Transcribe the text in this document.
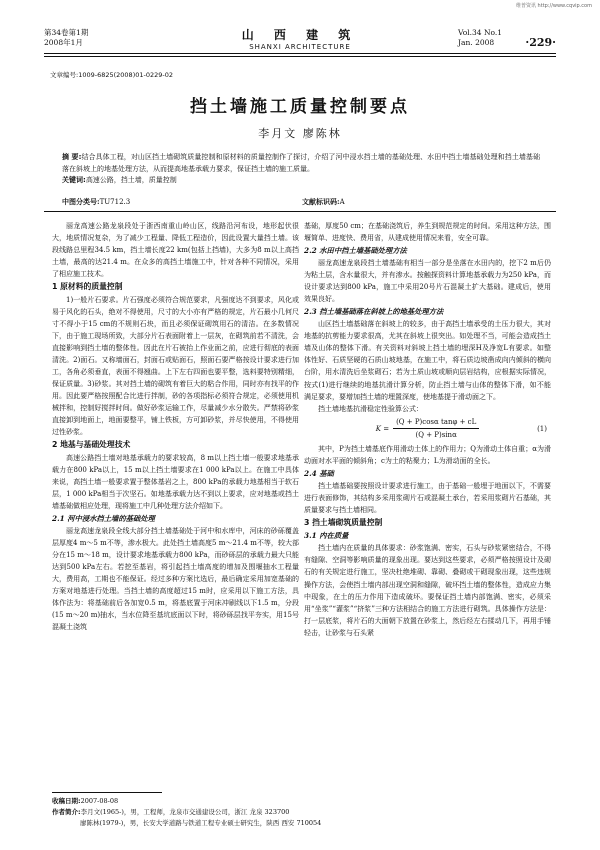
维普资讯 http://www.cqvip.com
第34卷第1期
2008年1月
山 西 建 筑
SHANXI ARCHITECTURE
Vol.34 No.1
Jan. 2008	·229·
文章编号:1009-6825(2008)01-0229-02
挡土墙施工质量控制要点
李月文 廖陈林
摘 要:结合具体工程，对山区挡土墙砌筑质量控制和原材料的质量控制作了探讨，介绍了河中浸水挡土墙的基础处理、水田中挡土墙基础处理和挡土墙基础落在斜坡上的地基处理方法，从而提高地基承载力要求，保证挡土墙的施工质量。
关键词:高速公路，挡土墙，质量控制
中图分类号:TU712.3	文献标识码:A

丽龙高速公路龙泉段处于浙西南重山岭山区，线路沿河布设，地形起伏很大，地质情况复杂，为了减少工程量、降低工程造价，因此设置大量挡土墙。该段线路总里程34.5 km，挡土墙长度22 km(包括上挡墙)，大多为8 m以上高挡土墙，最高的达21.4 m。在众多的高挡土墙施工中，针对各种不同情况，采用了相应施工技术。

1 原材料的质量控制

1)一般片石要求。片石强度必须符合规范要求，凡强度达不到要求，风化或易于风化的石头，绝对不得使用，尺寸的大小亦有严格的规定，片石最小几何尺寸不得小于15 cm的不规则石块，而且必须保证砌筑用石的清洁。在多数情况下，由于施工现场所致，大部分片石表面附着上一层灰，在砌筑前若不清洗，会直接影响到挡土墙的整体性。因此在片石被抬上作业面之前，应进行彻底的表面清洗。2)面石。又称墙面石，封面石或贴面石，照面石要严格按设计要求进行加工，各角必须垂直，表面不得翘曲。上下左右四面也要平整，选料要特别精细，保证质量。3)砂浆。其对挡土墙的砌筑有着巨大的粘合作用，同时亦有找平的作用。因此要严格按照配合比进行拌制，砂的各项指标必须符合规定，必须使用机械拌和，控制好搅拌时间。做好砂浆运输工作，尽量减少水分散失。严禁将砂浆直接卸到地面上，地面要整平，铺上铁板，方可卸砂浆，并尽快使用，不得使用过性砂浆。

2 地基与基础处理技术

高速公路挡土墙对地基承载力的要求较高，8 m以上挡土墙一般要求地基承载力在800 kPa以上，15 m以上挡土墙要求在1 000 kPa以上。在施工中具体来说，高挡土墙一般要求置于整体基岩之上，800 kPa的承载力地基相当于软石层，1 000 kPa相当于次坚石。如地基承载力达不到以上要求，应对地基或挡土墙基础做相应处理，现将施工中几种处理方法介绍如下。

2.1 河中浸水挡土墙的基础处理

丽龙高速龙泉段全线大部分挡土墙基础处于河中和水库中，河床的砂砾覆盖层厚度4 m～5 m不等，渗水极大。此处挡土墙高度5 m～21.4 m不等，较大部分在15 m～18 m，设计要求地基承载力800 kPa，而砂砾层的承载力最大只能达到500 kPa左右。若挖至基岩，将引起挡土墙高度的增加及围堰抽水工程量大，费用高，工期也不能保证。经过多种方案比选后，最后确定采用加宽基础的方案对地基进行处理。当挡土墙的高度超过15 m时，应采用以下施工方法，具体作法为：将基础前后各加宽0.5 m，将基底置于河床冲刷线以下1.5 m，分段(15 m～20 m)抽水，当水位降至基坑底面以下时，将砂砾层找平夯实，用15号混凝土浇筑

基础，厚度50 cm；在基础浇筑后，养生到规范规定的时间。采用这种方法，围堰简单、进度快、费用省，从建成使用情况来看，安全可靠。

2.2 水田中挡土墙基础处理方法

丽龙高速龙泉段挡土墙基础有相当一部分是坐落在水田内的，挖下2 m后仍为粘土层，含水量很大，并有渗水。按触探资料计算地基承载力为250 kPa，而设计要求达到800 kPa，施工中采用20号片石混凝土扩大基础。建成后，使用效果良好。

2.3 挡土墙基础落在斜坡上的地基处理方法

山区挡土墙基础落在斜坡上的较多，由于高挡土墙承受的土压力很大，其对地基的抗剪能力要求很高，尤其在斜坡上很突出。如处理不当，可能会造成挡土墙及山体的整体下滑。有关资料对斜坡上挡土墙的埋深H及净宽L有要求。如整体性好、石质坚硬的石质山坡地基，在施工中，将石质边坡凿成向内倾斜的横向台阶，用水清洗后坐浆砌石；若为土质山坡或顺向层岩结构，应根据实际情况，按式(1)进行继续的地基抗滑计算分析，防止挡土墙与山体的整体下滑，如不能满足要求，要增加挡土墙的埋置深度，使地基提于滑动面之下。

挡土墙地基抗滑稳定性验算公式：

$K = \frac{\text{(Q + P)cosα tanφ + cL}}{(Q + P)\sin\alpha}$	(1)

其中，P为挡土墙基底作用滑动土体上的作用力；Q为滑动土体自重；α为滑动面对水平面的倾斜角；c为土的粘聚力；L为滑动面的全长。

2.4 基础

挡土墙基础要按照设计要求进行施工，由于基础一般埋于地面以下，不需要进行表面修饰，其结构多采用浆砌片石或混凝土承台，若采用浆砌片石基础，其质量要求与挡土墙相同。

3 挡土墙砌筑质量控制
3.1 内在质量

挡土墙内在质量的具体要求：砂浆饱满、密实，石头与砂浆紧密结合，不得有缝隙、空洞等影响质量的现象出现。要达到这些要求，必须严格按照设计及砌石的有关规定进行施工，坚决杜绝堆砌、靠砌、叠砌或干砌现象出现，这些违规操作方法，会使挡土墙内部出现空洞和缝隙，破坏挡土墙的整体性，造成应力集中现象，在土的压力作用下造成破坏。要保证挡土墙内部饱满、密实，必须采用“坐浆”“灌浆”“挤浆”三种方法相结合的施工方法进行砌筑。具体操作方法是：打一层底浆，将片石的大面朝下放置在砂浆上，然后经左右揉动几下，再用手锤轻击，让砂浆与石头紧

收稿日期:2007-08-08
作者简介:李月文(1965-)，男，工程师，龙泉市交通建设公司，浙江 龙泉 323700
廖陈林(1979-)，男，长安大学道路与铁道工程专业硕士研究生，陕西 西安 710054
